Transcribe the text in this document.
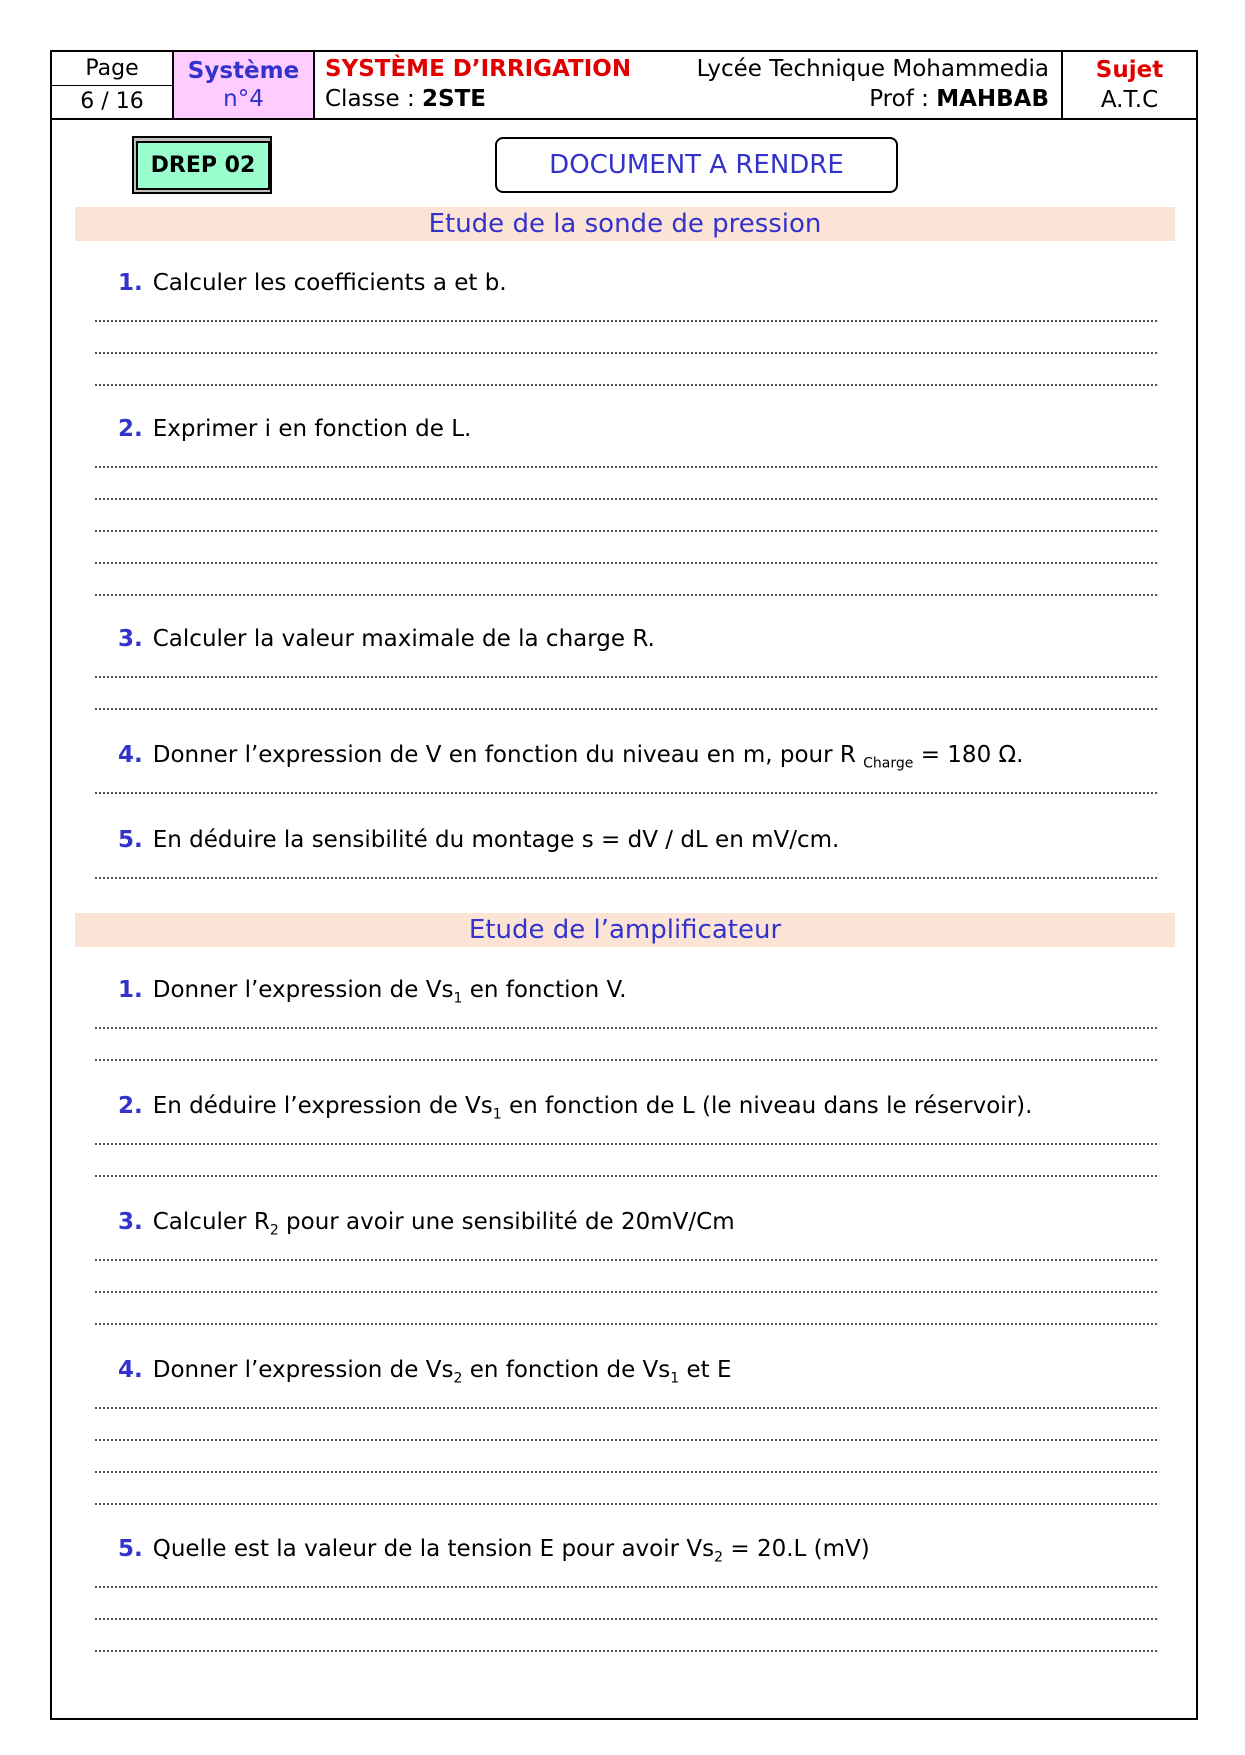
Page
6 / 16
Système
n°4
SYSTÈME D’IRRIGATION
Classe : 2STE
Lycée Technique Mohammedia
Prof : MAHBAB
Sujet
A.T.C
DREP 02	DOCUMENT A RENDRE
Etude de la sonde de pression
1. Calculer les coefficients a et b.
2. Exprimer i en fonction de L.
3. Calculer la valeur maximale de la charge R.
4. Donner l’expression de V en fonction du niveau en m, pour R $_{Charge}$ = 180 Ω.
5. En déduire la sensibilité du montage s = dV / dL en mV/cm.
Etude de l’amplificateur
1. Donner l’expression de $Vs_1$ en fonction V.
2. En déduire l’expression de $Vs_1$ en fonction de L (le niveau dans le réservoir).
3. Calculer $R_2$ pour avoir une sensibilité de 20mV/Cm
4. Donner l’expression de $Vs_2$ en fonction de $Vs_1$ et E
5. Quelle est la valeur de la tension E pour avoir $Vs_2 = 20.L$ (mV)
